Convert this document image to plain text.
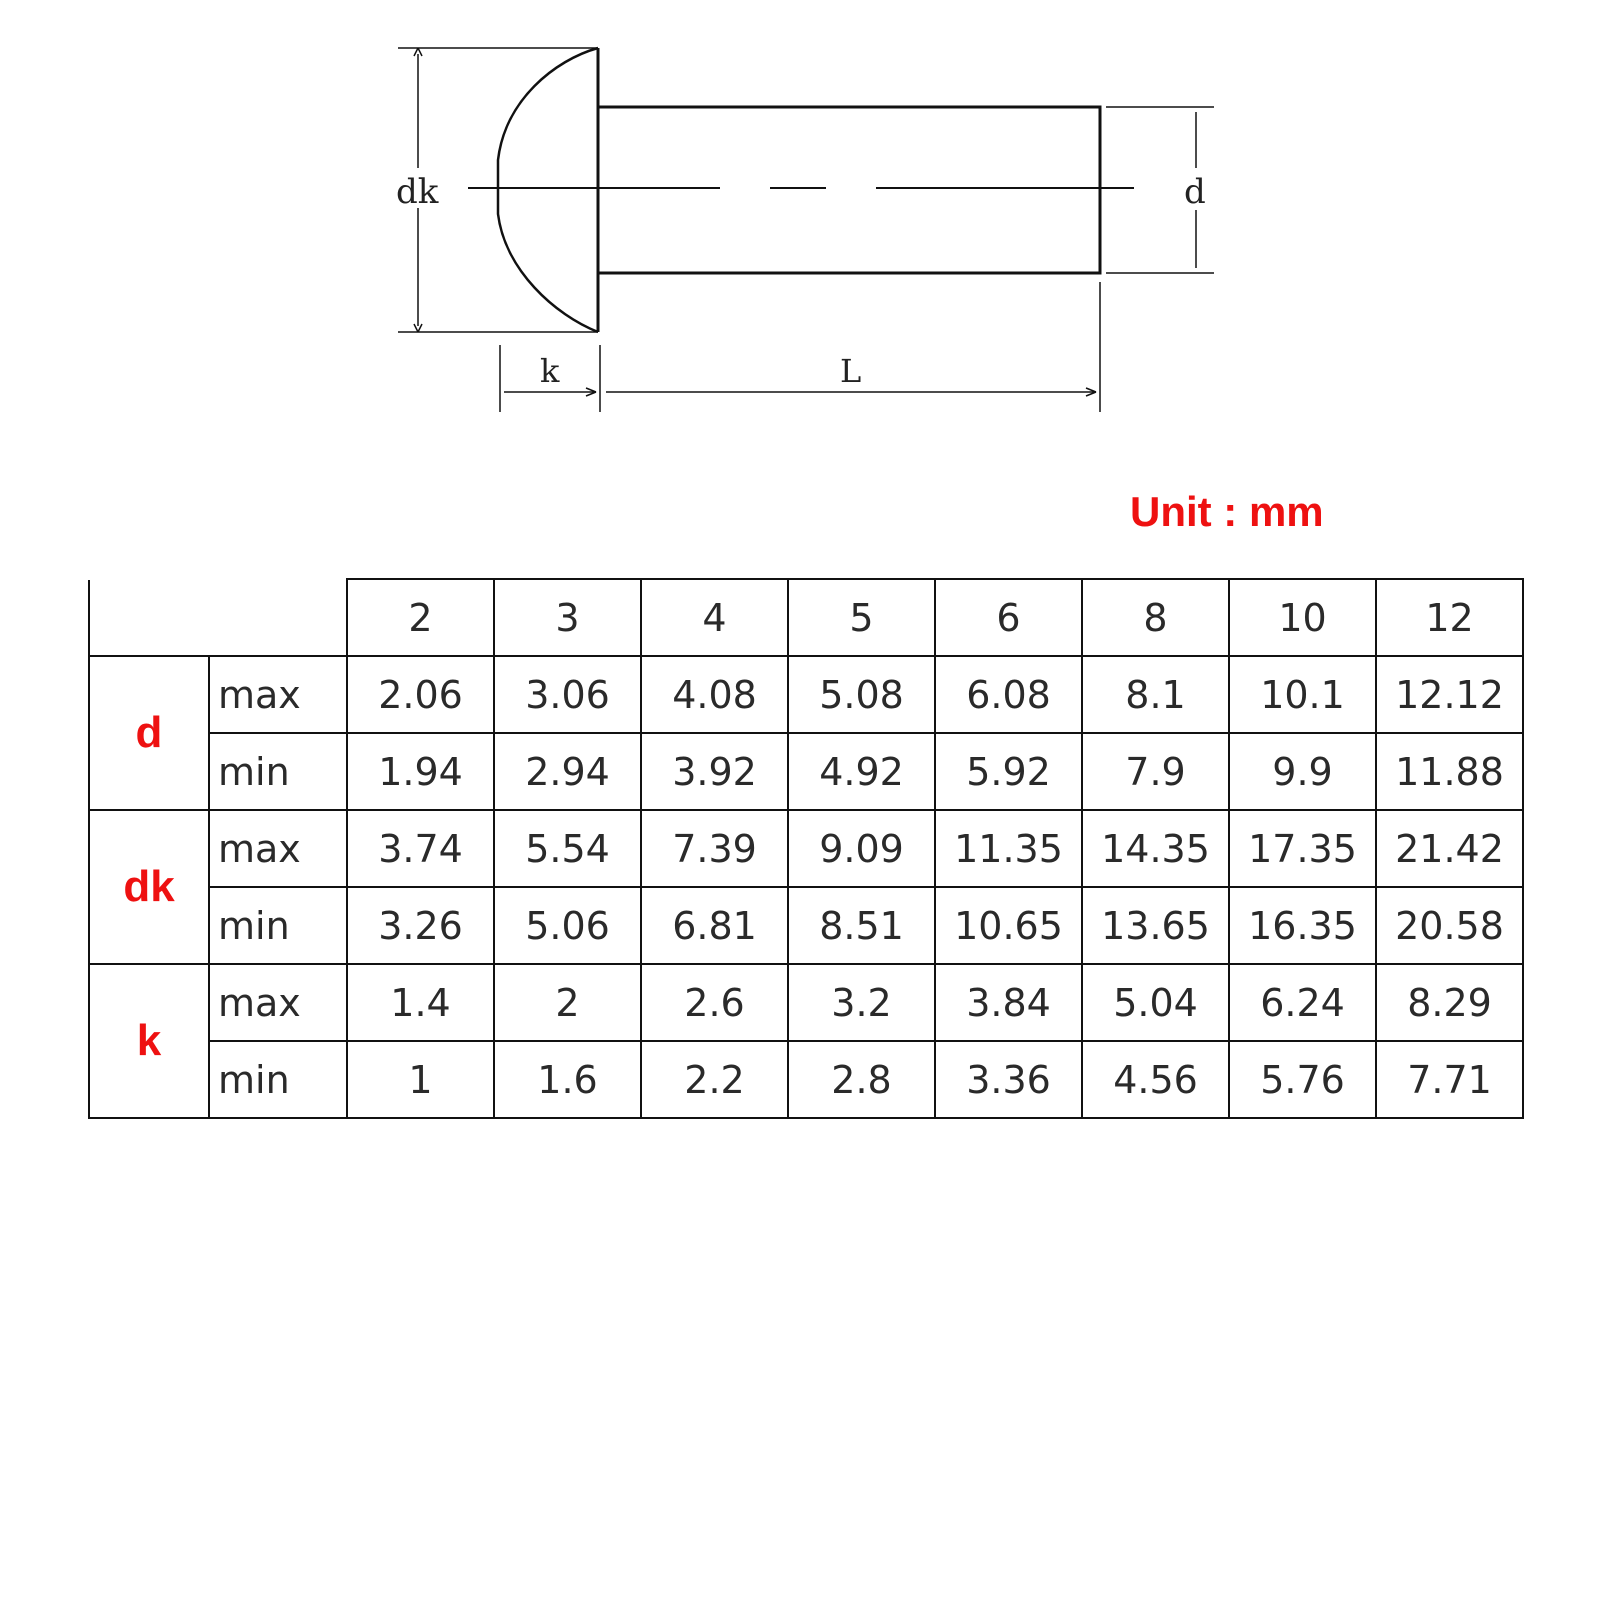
dk	d
k	L
Unit : mm
		2	3	4	5	6	8	10	12
d	max	2.06	3.06	4.08	5.08	6.08	8.1	10.1	12.12
	min	1.94	2.94	3.92	4.92	5.92	7.9	9.9	11.88
dk	max	3.74	5.54	7.39	9.09	11.35	14.35	17.35	21.42
	min	3.26	5.06	6.81	8.51	10.65	13.65	16.35	20.58
k	max	1.4	2	2.6	3.2	3.84	5.04	6.24	8.29
	min	1	1.6	2.2	2.8	3.36	4.56	5.76	7.71
